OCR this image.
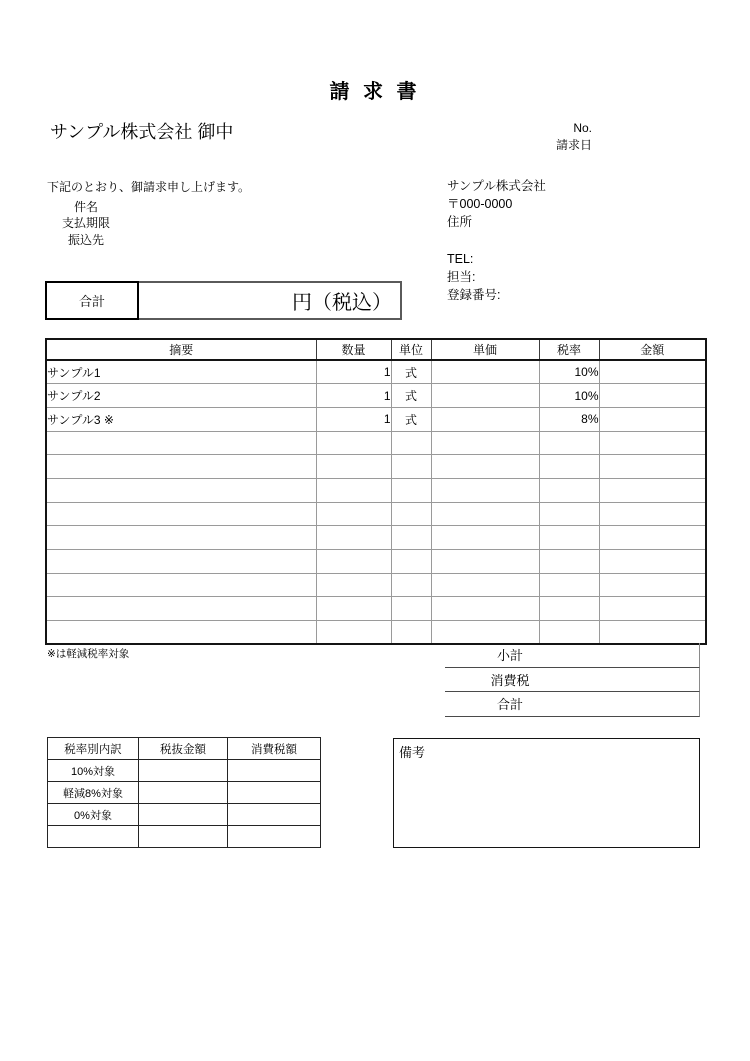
請 求 書
サンプル株式会社 御中	No.
請求日
下記のとおり、御請求申し上げます。
件名
支払期限
振込先
サンプル株式会社
〒000-0000
住所
TEL:
担当:
登録番号:
合計	円（税込）
摘要	数量	単位	単価	税率	金額
サンプル1	1	式		10%	
サンプル2	1	式		10%	
サンプル3 ※	1	式		8%	

※は軽減税率対象	小計
消費税
合計
税率別内訳	税抜金額	消費税額
10%対象		
軽減8%対象		
0%対象		

備考
